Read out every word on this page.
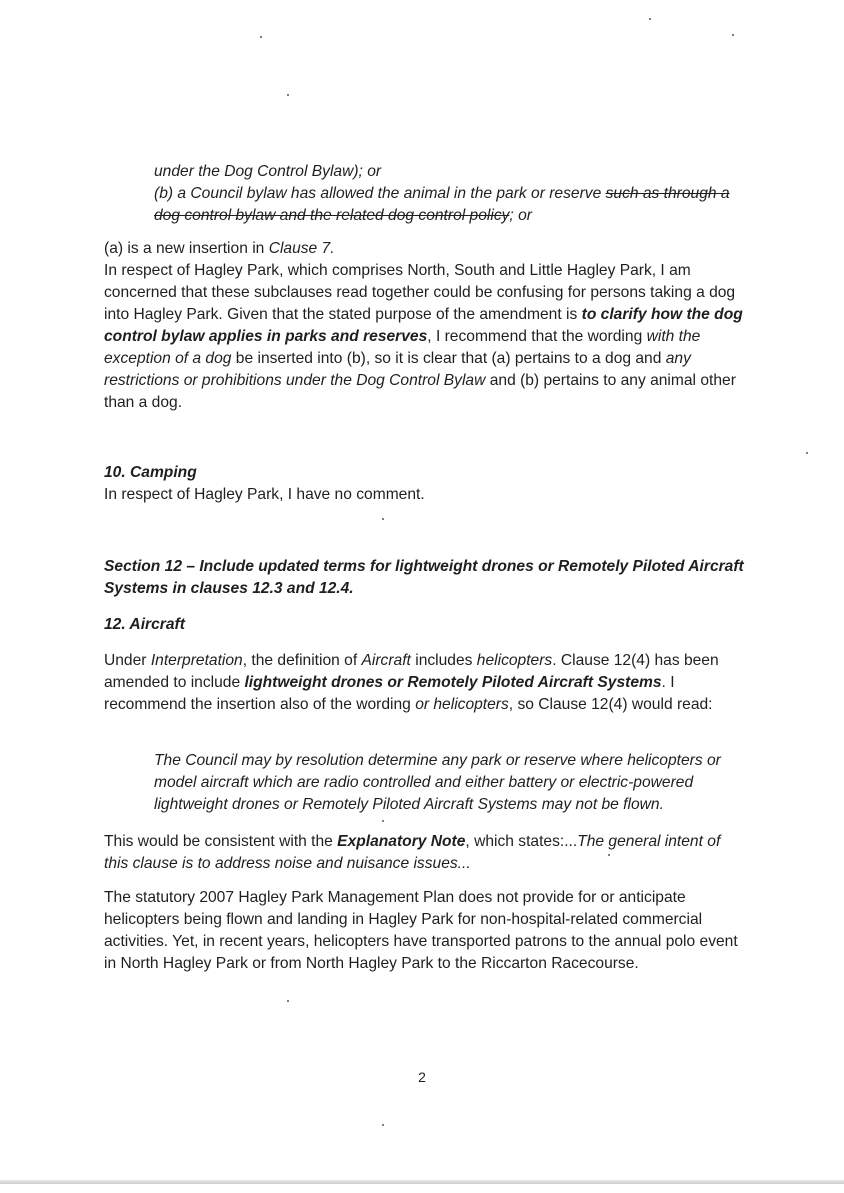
under the Dog Control Bylaw); or
(b) a Council bylaw has allowed the animal in the park or reserve such as through a dog control bylaw and the related dog control policy; or

(a) is a new insertion in Clause 7.
In respect of Hagley Park, which comprises North, South and Little Hagley Park, I am concerned that these subclauses read together could be confusing for persons taking a dog into Hagley Park. Given that the stated purpose of the amendment is to clarify how the dog control bylaw applies in parks and reserves, I recommend that the wording with the exception of a dog be inserted into (b), so it is clear that (a) pertains to a dog and any restrictions or prohibitions under the Dog Control Bylaw and (b) pertains to any animal other than a dog.

10. Camping

In respect of Hagley Park, I have no comment.

Section 12 – Include updated terms for lightweight drones or Remotely Piloted Aircraft Systems in clauses 12.3 and 12.4.

12. Aircraft

Under Interpretation, the definition of Aircraft includes helicopters. Clause 12(4) has been amended to include lightweight drones or Remotely Piloted Aircraft Systems. I recommend the insertion also of the wording or helicopters, so Clause 12(4) would read:

The Council may by resolution determine any park or reserve where helicopters or model aircraft which are radio controlled and either battery or electric-powered lightweight drones or Remotely Piloted Aircraft Systems may not be flown.

This would be consistent with the Explanatory Note, which states:...The general intent of this clause is to address noise and nuisance issues...

The statutory 2007 Hagley Park Management Plan does not provide for or anticipate helicopters being flown and landing in Hagley Park for non-hospital-related commercial activities. Yet, in recent years, helicopters have transported patrons to the annual polo event in North Hagley Park or from North Hagley Park to the Riccarton Racecourse.

2
